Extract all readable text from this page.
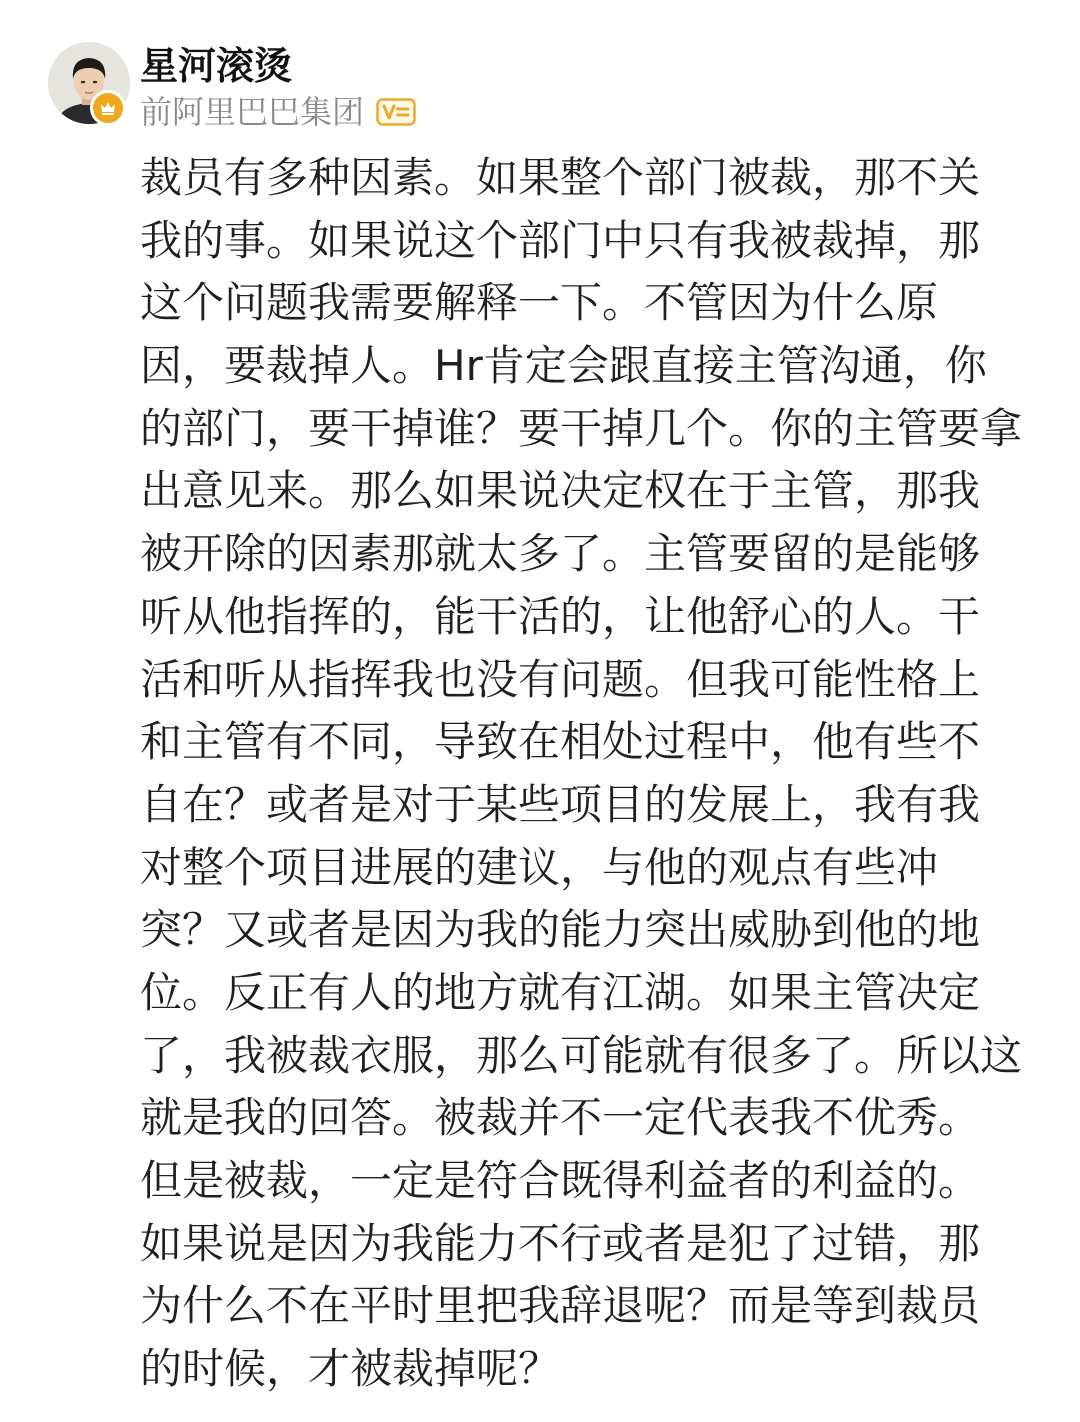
星河滚烫
前阿里巴巴集团
裁员有多种因素。如果整个部门被裁，那不关
我的事。如果说这个部门中只有我被裁掉，那
这个问题我需要解释一下。不管因为什么原
因，要裁掉人。Hr肯定会跟直接主管沟通，你
的部门，要干掉谁？要干掉几个。你的主管要拿
出意见来。那么如果说决定权在于主管，那我
被开除的因素那就太多了。主管要留的是能够
听从他指挥的，能干活的，让他舒心的人。干
活和听从指挥我也没有问题。但我可能性格上
和主管有不同，导致在相处过程中，他有些不
自在？或者是对于某些项目的发展上，我有我
对整个项目进展的建议，与他的观点有些冲
突？又或者是因为我的能力突出威胁到他的地
位。反正有人的地方就有江湖。如果主管决定
了，我被裁衣服，那么可能就有很多了。所以这
就是我的回答。被裁并不一定代表我不优秀。
但是被裁，一定是符合既得利益者的利益的。
如果说是因为我能力不行或者是犯了过错，那
为什么不在平时里把我辞退呢？而是等到裁员
的时候，才被裁掉呢？
